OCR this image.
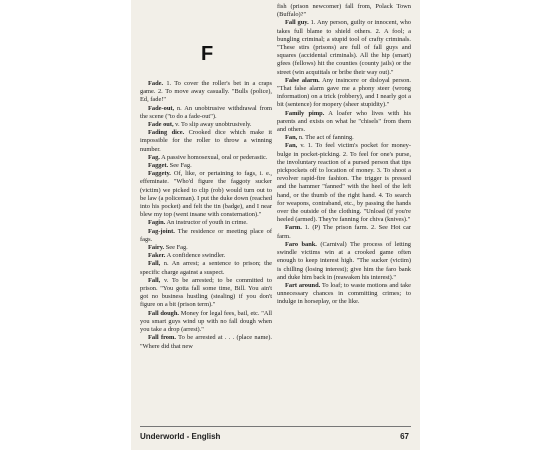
F
Fade. 1. To cover the roller's bet in a craps game. 2. To move away casually. "Bulls (police), Ed, fade!"
Fade-out, n. An unobtrusive withdrawal from the scene ("to do a fade-out").
Fade out, v. To slip away unobtrusively.
Fading dice. Crooked dice which make it impossible for the roller to throw a winning number.
Fag. A passive homosexual, oral or pederastic.
Fagget. See Fag.
Faggety. Of, like, or pertaining to fags, i. e., effeminate. "Who'd figure the faggoty sucker (victim) we picked to clip (rob) would turn out to be law (a policeman). I put the duke down (reached into his pocket) and felt the tin (badge), and I near blew my top (went insane with consternation)."
Fagin. An instructor of youth in crime.
Fag-joint. The residence or meeting place of fags.
Fairy. See Fag.
Faker. A confidence swindler.
Fall, n. An arrest; a sentence to prison; the specific charge against a suspect.
Fall, v. To be arrested; to be committed to prison. "You gotta fall some time, Bill. You ain't got no business hustling (stealing) if you don't figure on a bit (prison term)."
Fall dough. Money for legal fees, bail, etc. "All you smart guys wind up with no fall dough when you take a drop (arrest)."
Fall from. To be arrested at . . . (place name). "Where did that new
fish (prison newcomer) fall from, Polack Town (Buffalo)?"
Fall guy. 1. Any person, guilty or innocent, who takes full blame to shield others. 2. A fool; a bungling criminal; a stupid tool of crafty criminals. "These stirs (prisons) are full of fall guys and squares (accidental criminals). All the hip (smart) gfees (fellows) hit the counties (county jails) or the street (win acquittals or bribe their way out)."
False alarm. Any insincere or disloyal person. "That false alarm gave me a phony steer (wrong information) on a trick (robbery), and I nearly got a bit (sentence) for mopery (sheer stupidity)."
Family pimp. A loafer who lives with his parents and exists on what he "chisels" from them and others.
Fan, n. The act of fanning.
Fan, v. 1. To feel victim's pocket for money-bulge in pocket-picking. 2. To feel for one's purse, the involuntary reaction of a pursed person that tips pickpockets off to location of money. 3. To shoot a revolver rapid-fire fashion. The trigger is pressed and the hammer "fanned" with the heel of the left hand, or the thumb of the right hand. 4. To search for weapons, contraband, etc., by passing the hands over the outside of the clothing. "Unload (if you're heeled (armed). They're fanning for chiva (knives)."
Farm. 1. (P) The prison farm. 2. See Hot car farm.
Faro bank. (Carnival) The process of letting swindle victims win at a crooked game often enough to keep interest high. "The sucker (victim) is chilling (losing interest); give him the faro bank and duke him back in (reawaken his interest)."
Fart around. To loaf; to waste motions and take unnecessary chances in committing crimes; to indulge in horseplay, or the like.
Underworld - English	67
